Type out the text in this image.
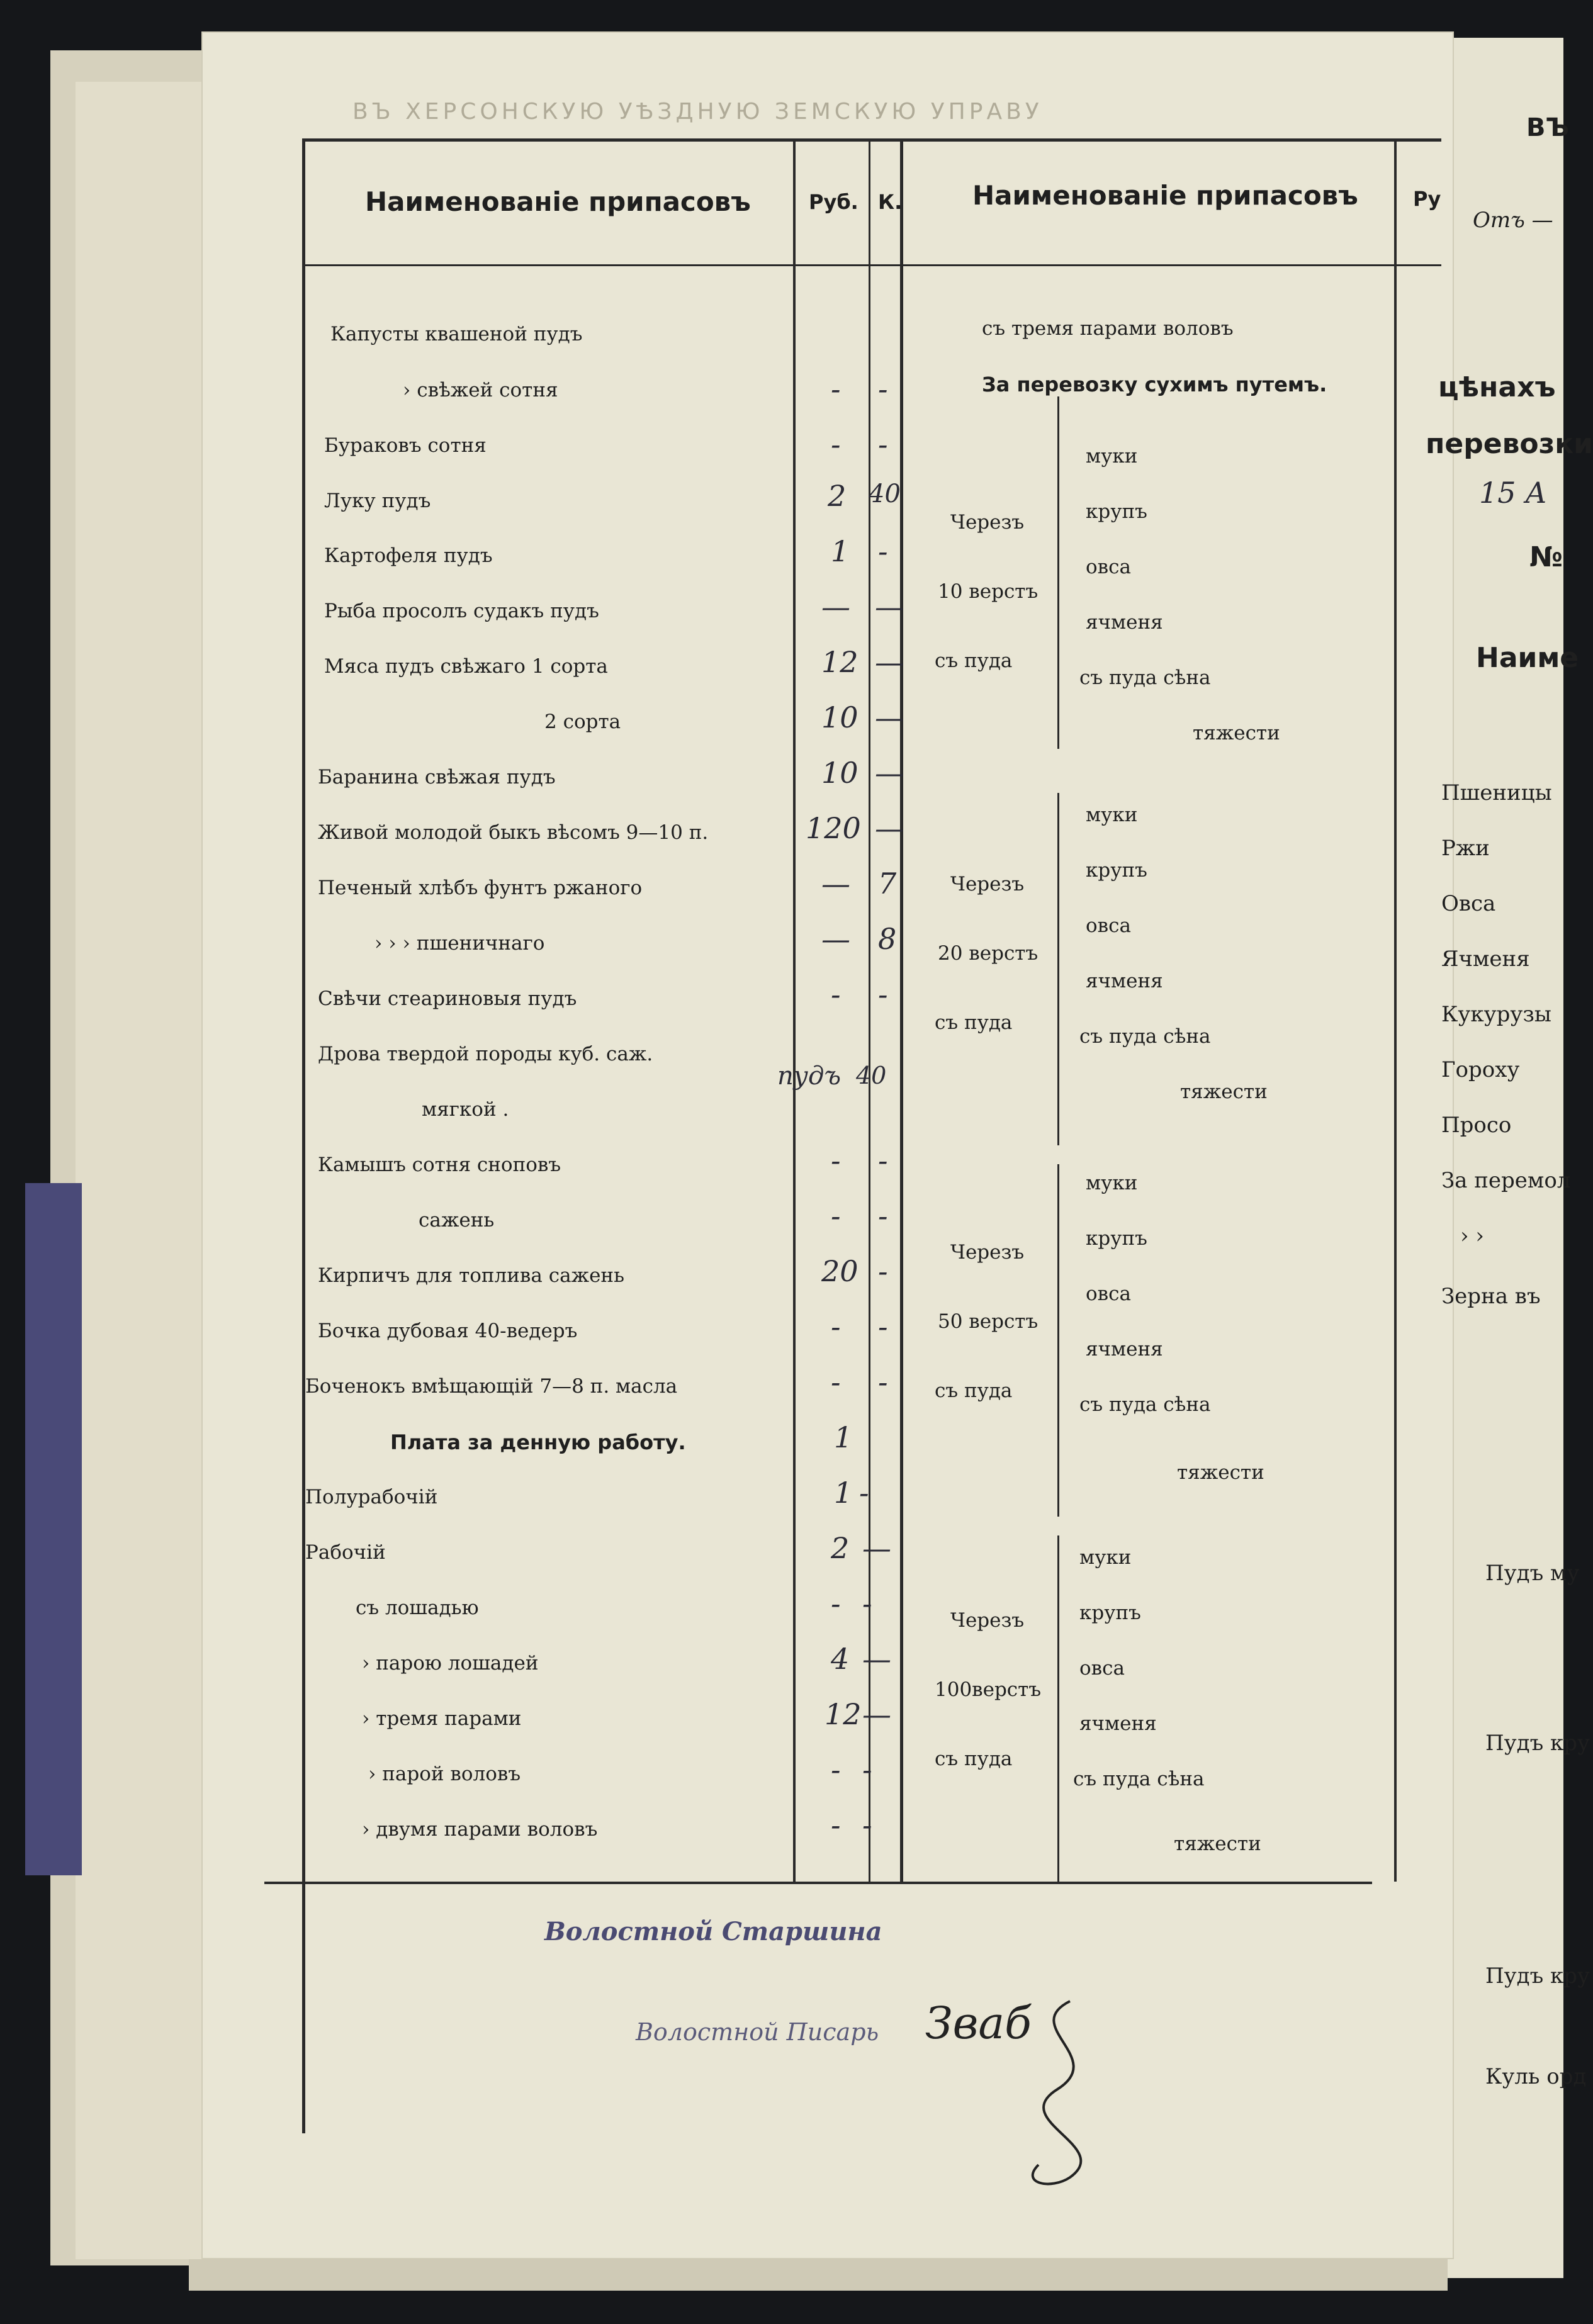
ВЪ ХЕРСОНСКУЮ УѢЗДНУЮ ЗЕМСКУЮ УПРАВУ
Наименованіе припасовъ	Руб. К.	Наименованіе припасовъ	Ру
Капусты квашеной пудъ
› свѣжей сотня	- -
Бураковъ сотня	- -
Луку пудъ	2 40
Картофеля пудъ	1 -
Рыба просолъ судакъ пудъ	— —
Мяса пудъ свѣжаго 1 сорта	12 —
2 сорта	10 —
Баранина свѣжая пудъ	10 —
Живой молодой быкъ вѣсомъ 9—10 п.	120 —
Печеный хлѣбъ фунтъ ржаного	— 7
› › › пшеничнаго	— 8
Свѣчи стеариновыя пудъ	- -
Дрова твердой породы куб. саж.
мягкой .
пудъ 40
Камышъ сотня сноповъ	- -
сажень	- -
Кирпичъ для топлива сажень	20 -
Бочка дубовая 40-ведеръ	- -
Боченокъ вмѣщающій 7—8 п. масла	- -
Плата за денную работу.	1
Полурабочій	1 -
Рабочій	2 —
съ лошадью	- -
› парою лошадей	4 —
› тремя парами	12 —
› парой воловъ	- -
› двумя парами воловъ	- -
съ тремя парами воловъ
За перевозку сухимъ путемъ.
Черезъ
10 верстъ
съ пуда
муки
крупъ
овса
ячменя
съ пуда сѣна
тяжести
Черезъ
20 верстъ
съ пуда
муки
крупъ
овса
ячменя
съ пуда сѣна
тяжести
Черезъ
50 верстъ
съ пуда
муки
крупъ
овса
ячменя
съ пуда сѣна
тяжести
Черезъ
100верстъ
съ пуда
муки
крупъ
овса
ячменя
съ пуда сѣна
тяжести
Волостной Старшина
Волостной Писарь Зваб
ВЪ
Отъ —
цѣнахъ
перевозки
15 А
№
Наиме
Пшеницы
Ржи
Овса
Ячменя
Кукурузы
Гороху
Просо
За перемол
› ›
Зерна въ
Пудъ му
Пудъ кру
Пудъ кру
Куль орд
